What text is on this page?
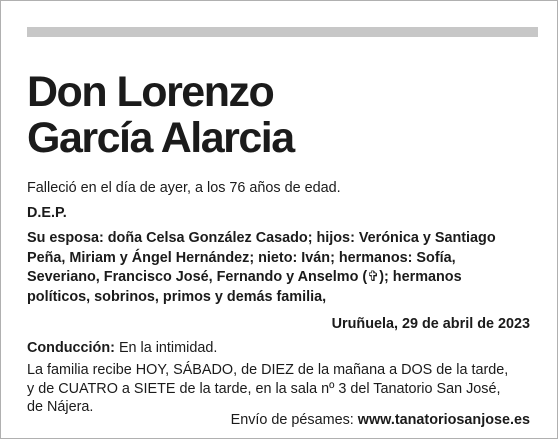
Don Lorenzo
García Alarcia
Falleció en el día de ayer, a los 76 años de edad.
D.E.P.
Su esposa: doña Celsa González Casado; hijos: Verónica y Santiago
Peña, Miriam y Ángel Hernández; nieto: Iván; hermanos: Sofía,
Severiano, Francisco José, Fernando y Anselmo (✞); hermanos
políticos, sobrinos, primos y demás familia,
Uruñuela, 29 de abril de 2023
Conducción: En la intimidad.
La familia recibe HOY, SÁBADO, de DIEZ de la mañana a DOS de la tarde,
y de CUATRO a SIETE de la tarde, en la sala nº 3 del Tanatorio San José,
de Nájera.
Envío de pésames: www.tanatoriosanjose.es
